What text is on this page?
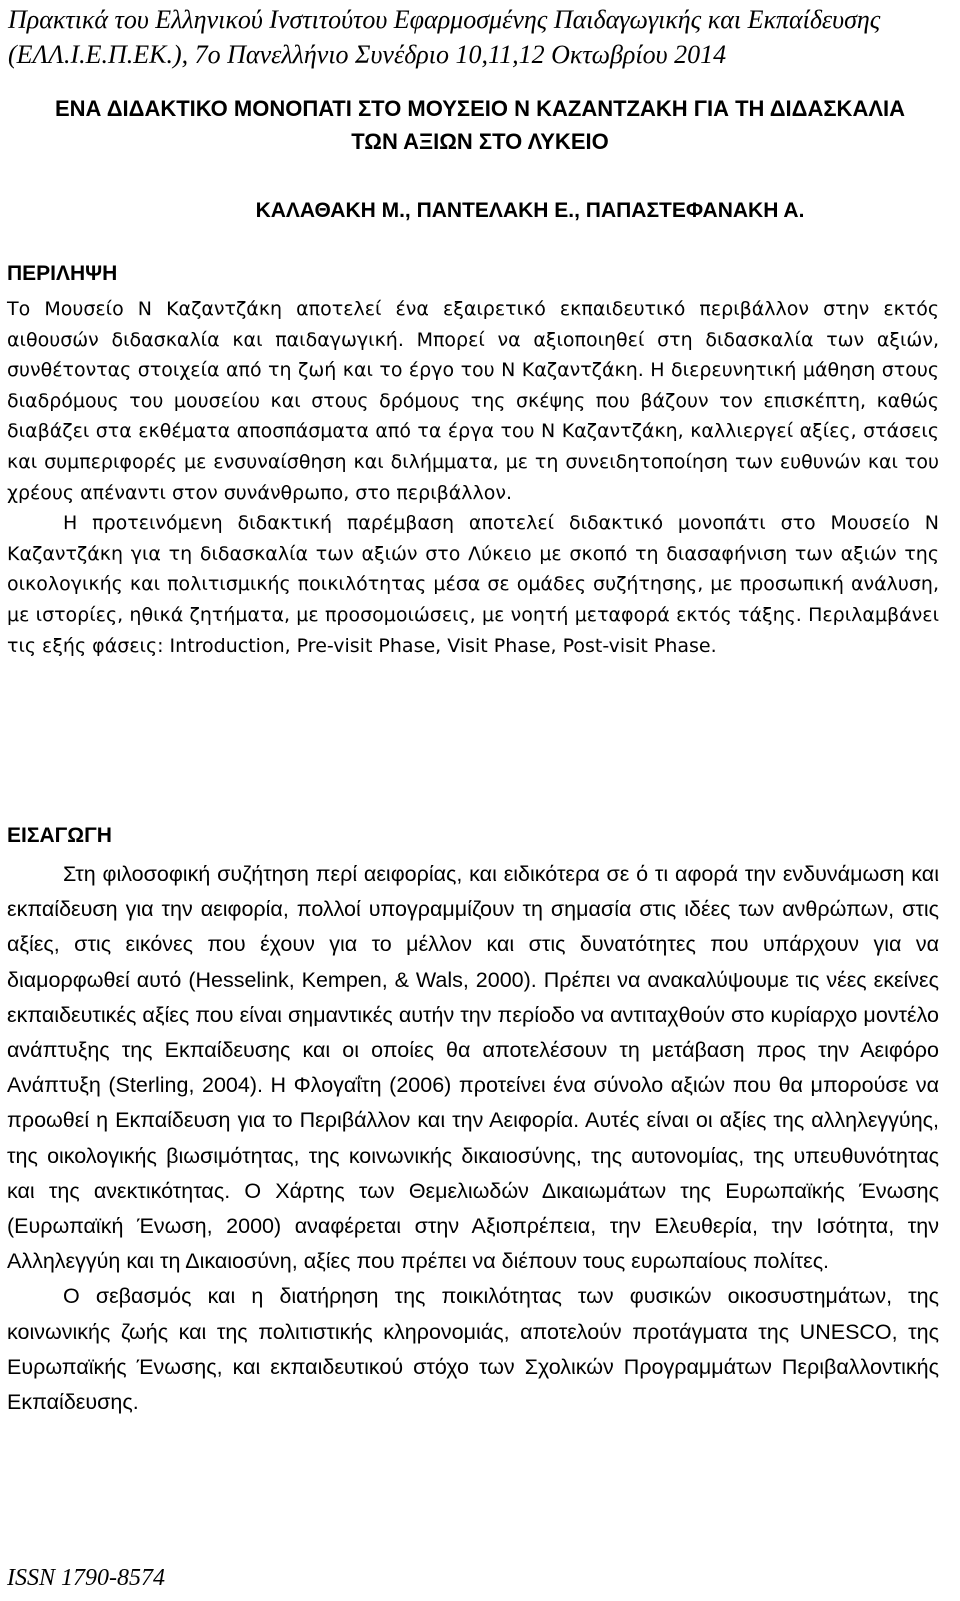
Πρακτικά του Ελληνικού Ινστιτούτου Εφαρμοσμένης Παιδαγωγικής και Εκπαίδευσης
(ΕΛΛ.Ι.Ε.Π.ΕΚ.), 7ο Πανελλήνιο Συνέδριο 10,11,12 Οκτωβρίου 2014
ΕΝΑ ΔΙΔΑΚΤΙΚΟ ΜΟΝΟΠΑΤΙ ΣΤΟ ΜΟΥΣΕΙΟ Ν ΚΑΖΑΝΤΖΑΚΗ ΓΙΑ ΤΗ ΔΙΔΑΣΚΑΛΙΑ
ΤΩΝ ΑΞΙΩΝ ΣΤΟ ΛΥΚΕΙΟ
ΚΑΛΑΘΑΚΗ Μ., ΠΑΝΤΕΛΑΚΗ Ε., ΠΑΠΑΣΤΕΦΑΝΑΚΗ Α.
ΠΕΡΙΛΗΨΗ

Το Μουσείο Ν Καζαντζάκη αποτελεί ένα εξαιρετικό εκπαιδευτικό περιβάλλον στην εκτός αιθουσών διδασκαλία και παιδαγωγική. Μπορεί να αξιοποιηθεί στη διδασκαλία των αξιών, συνθέτοντας στοιχεία από τη ζωή και το έργο του Ν Καζαντζάκη. Η διερευνητική μάθηση στους διαδρόμους του μουσείου και στους δρόμους της σκέψης που βάζουν τον επισκέπτη, καθώς διαβάζει στα εκθέματα αποσπάσματα από τα έργα του Ν Καζαντζάκη, καλλιεργεί αξίες, στάσεις και συμπεριφορές με ενσυναίσθηση και διλήμματα, με τη συνειδητοποίηση των ευθυνών και του χρέους απέναντι στον συνάνθρωπο, στο περιβάλλον.

Η προτεινόμενη διδακτική παρέμβαση αποτελεί διδακτικό μονοπάτι στο Μουσείο Ν Καζαντζάκη για τη διδασκαλία των αξιών στο Λύκειο με σκοπό τη διασαφήνιση των αξιών της οικολογικής και πολιτισμικής ποικιλότητας μέσα σε ομάδες συζήτησης, με προσωπική ανάλυση, με ιστορίες, ηθικά ζητήματα, με προσομοιώσεις, με νοητή μεταφορά εκτός τάξης. Περιλαμβάνει τις εξής φάσεις: Introduction, Pre-visit Phase, Visit Phase, Post-visit Phase.

ΕΙΣΑΓΩΓΗ

Στη φιλοσοφική συζήτηση περί αειφορίας, και ειδικότερα σε ό τι αφορά την ενδυνάμωση και εκπαίδευση για την αειφορία, πολλοί υπογραμμίζουν τη σημασία στις ιδέες των ανθρώπων, στις αξίες, στις εικόνες που έχουν για το μέλλον και στις δυνατότητες που υπάρχουν για να διαμορφωθεί αυτό (Hesselink, Kempen, & Wals, 2000). Πρέπει να ανακαλύψουμε τις νέες εκείνες εκπαιδευτικές αξίες που είναι σημαντικές αυτήν την περίοδο να αντιταχθούν στο κυρίαρχο μοντέλο ανάπτυξης της Εκπαίδευσης και οι οποίες θα αποτελέσουν τη μετάβαση προς την Αειφόρο Ανάπτυξη (Sterling, 2004). Η Φλογαΐτη (2006) προτείνει ένα σύνολο αξιών που θα μπορούσε να προωθεί η Εκπαίδευση για το Περιβάλλον και την Αειφορία. Αυτές είναι οι αξίες της αλληλεγγύης, της οικολογικής βιωσιμότητας, της κοινωνικής δικαιοσύνης, της αυτονομίας, της υπευθυνότητας και της ανεκτικότητας. Ο Χάρτης των Θεμελιωδών Δικαιωμάτων της Ευρωπαϊκής Ένωσης (Ευρωπαϊκή Ένωση, 2000) αναφέρεται στην Αξιοπρέπεια, την Ελευθερία, την Ισότητα, την Αλληλεγγύη και τη Δικαιοσύνη, αξίες που πρέπει να διέπουν τους ευρωπαίους πολίτες.

Ο σεβασμός και η διατήρηση της ποικιλότητας των φυσικών οικοσυστημάτων, της κοινωνικής ζωής και της πολιτιστικής κληρονομιάς, αποτελούν προτάγματα της UNESCO, της Ευρωπαϊκής Ένωσης, και εκπαιδευτικού στόχο των Σχολικών Προγραμμάτων Περιβαλλοντικής Εκπαίδευσης.

ISSN 1790-8574
